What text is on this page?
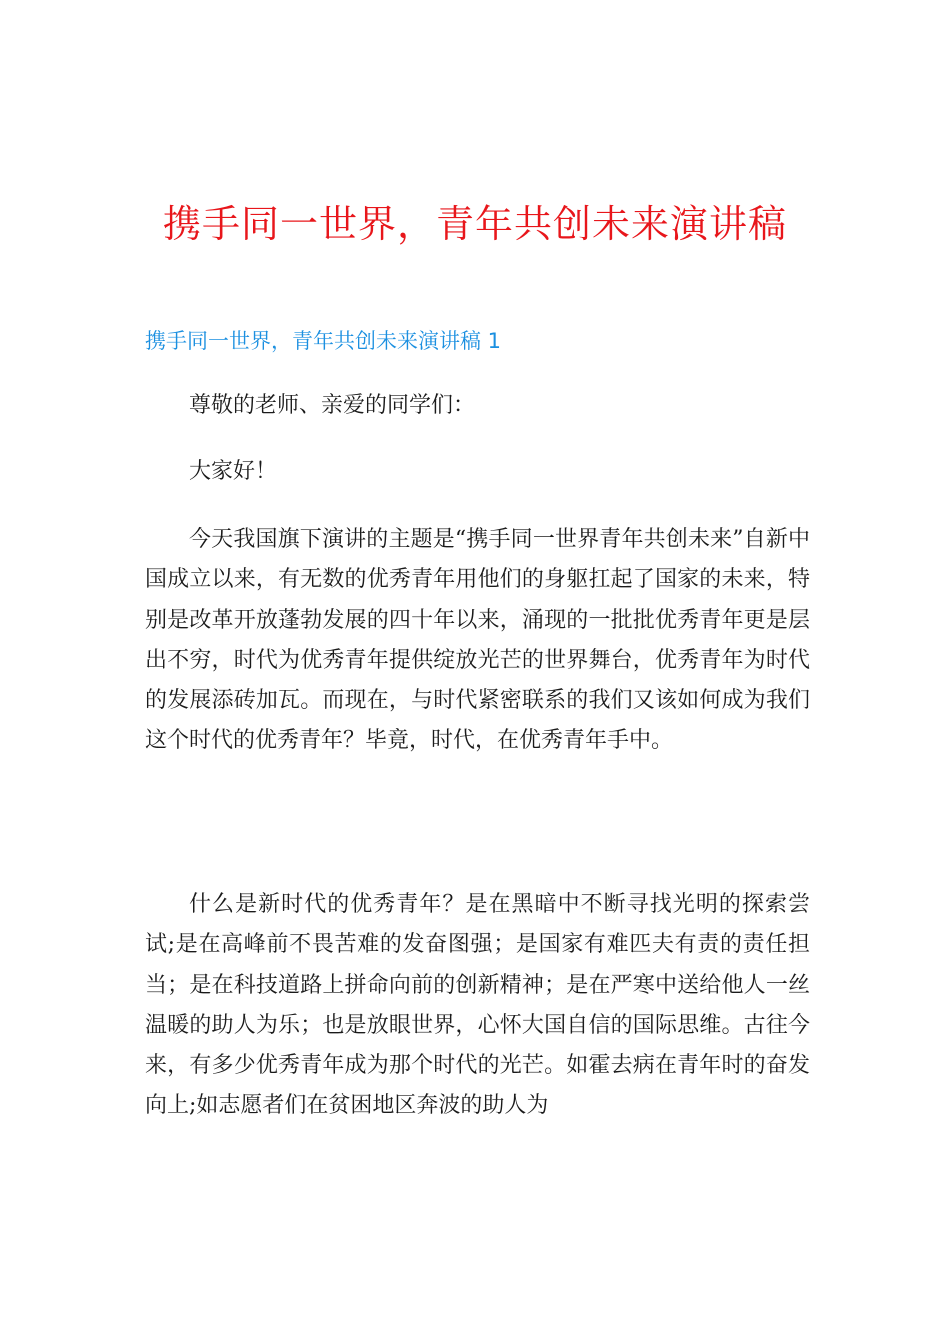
携手同一世界，青年共创未来演讲稿
携手同一世界，青年共创未来演讲稿 1

尊敬的老师、亲爱的同学们：

大家好！

今天我国旗下演讲的主题是“携手同一世界青年共创未来”自新中国成立以来，有无数的优秀青年用他们的身躯扛起了国家的未来，特别是改革开放蓬勃发展的四十年以来，涌现的一批批优秀青年更是层出不穷，时代为优秀青年提供绽放光芒的世界舞台，优秀青年为时代的发展添砖加瓦。而现在，与时代紧密联系的我们又该如何成为我们这个时代的优秀青年？毕竟，时代，在优秀青年手中。

什么是新时代的优秀青年？是在黑暗中不断寻找光明的探索尝试;是在高峰前不畏苦难的发奋图强；是国家有难匹夫有责的责任担当；是在科技道路上拼命向前的创新精神；是在严寒中送给他人一丝温暖的助人为乐；也是放眼世界，心怀大国自信的国际思维。古往今来，有多少优秀青年成为那个时代的光芒。如霍去病在青年时的奋发向上;如志愿者们在贫困地区奔波的助人为
